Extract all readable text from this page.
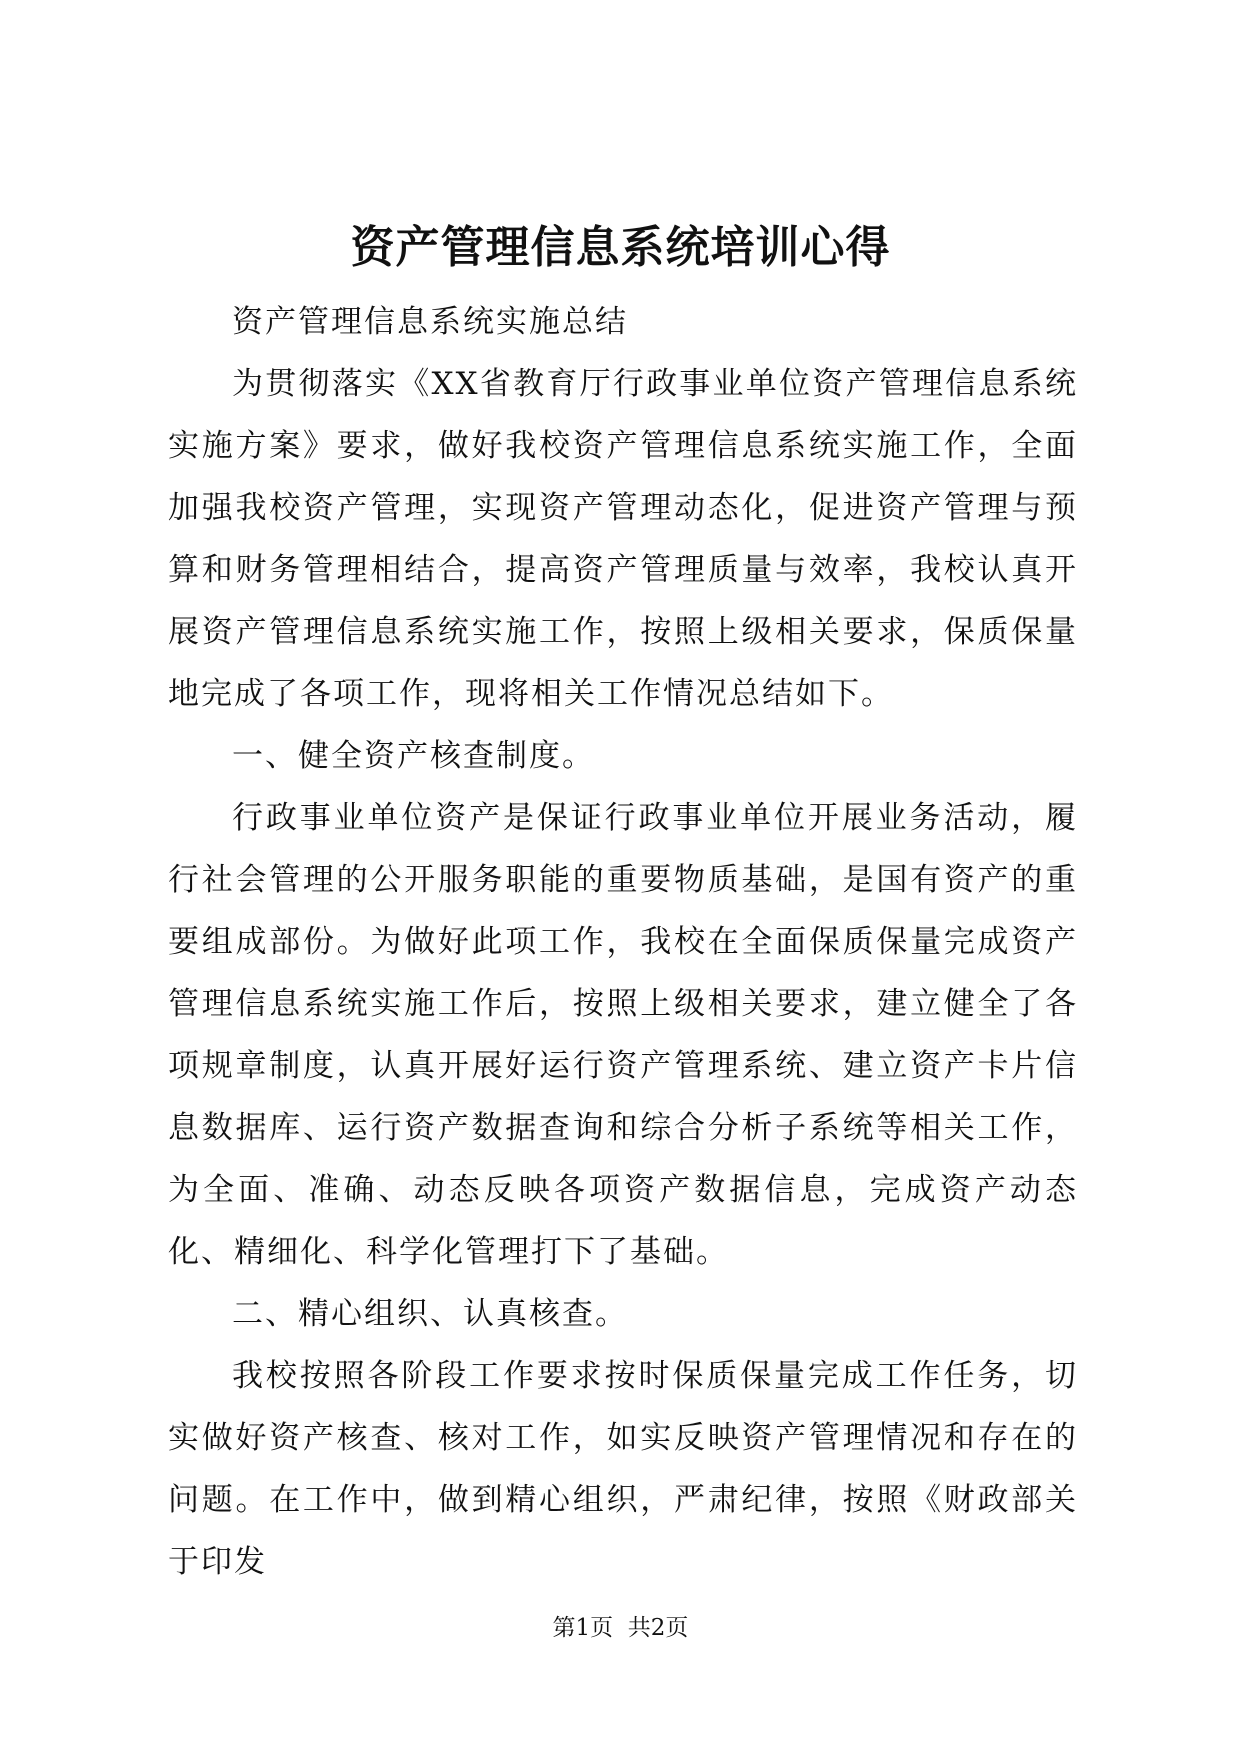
资产管理信息系统培训心得

资产管理信息系统实施总结

为贯彻落实《XX省教育厅行政事业单位资产管理信息系统实施方案》要求，做好我校资产管理信息系统实施工作，全面加强我校资产管理，实现资产管理动态化，促进资产管理与预算和财务管理相结合，提高资产管理质量与效率，我校认真开展资产管理信息系统实施工作，按照上级相关要求，保质保量地完成了各项工作，现将相关工作情况总结如下。

一、健全资产核查制度。

行政事业单位资产是保证行政事业单位开展业务活动，履行社会管理的公开服务职能的重要物质基础，是国有资产的重要组成部份。为做好此项工作，我校在全面保质保量完成资产管理信息系统实施工作后，按照上级相关要求，建立健全了各项规章制度，认真开展好运行资产管理系统、建立资产卡片信息数据库、运行资产数据查询和综合分析子系统等相关工作，为全面、准确、动态反映各项资产数据信息，完成资产动态化、精细化、科学化管理打下了基础。

二、精心组织、认真核查。

我校按照各阶段工作要求按时保质保量完成工作任务，切实做好资产核查、核对工作，如实反映资产管理情况和存在的问题。在工作中，做到精心组织，严肃纪律，按照《财政部关于印发

第1页  共2页
